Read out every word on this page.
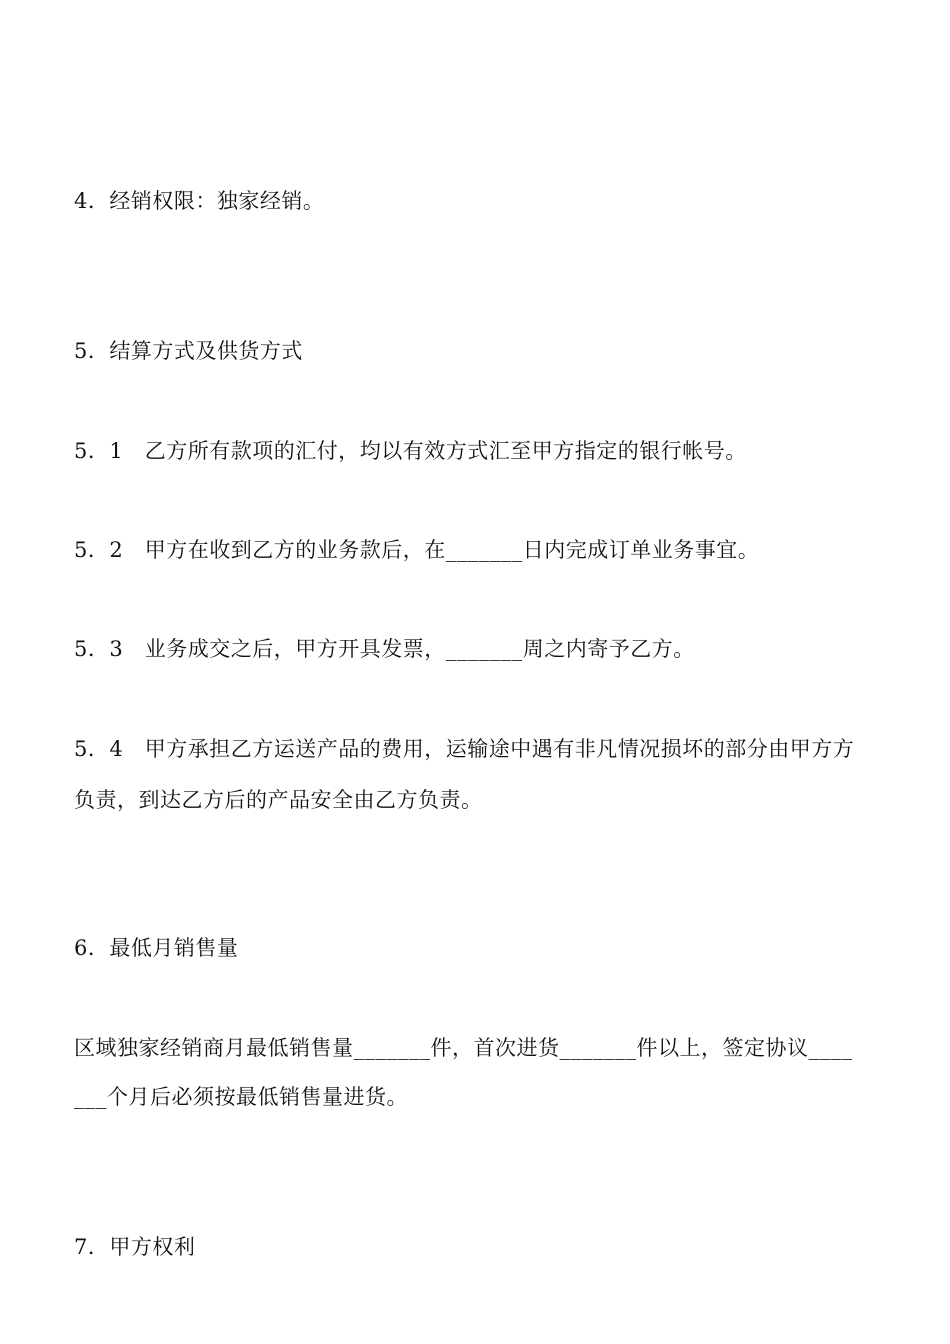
4．经销权限：独家经销。
5．结算方式及供货方式
5．1　乙方所有款项的汇付，均以有效方式汇至甲方指定的银行帐号。
5．2　甲方在收到乙方的业务款后，在_______日内完成订单业务事宜。
5．3　业务成交之后，甲方开具发票，_______周之内寄予乙方。
5．4　甲方承担乙方运送产品的费用，运输途中遇有非凡情况损坏的部分由甲方方
负责，到达乙方后的产品安全由乙方负责。
6．最低月销售量
区域独家经销商月最低销售量_______件，首次进货_______件以上，签定协议____
___个月后必须按最低销售量进货。
7．甲方权利
